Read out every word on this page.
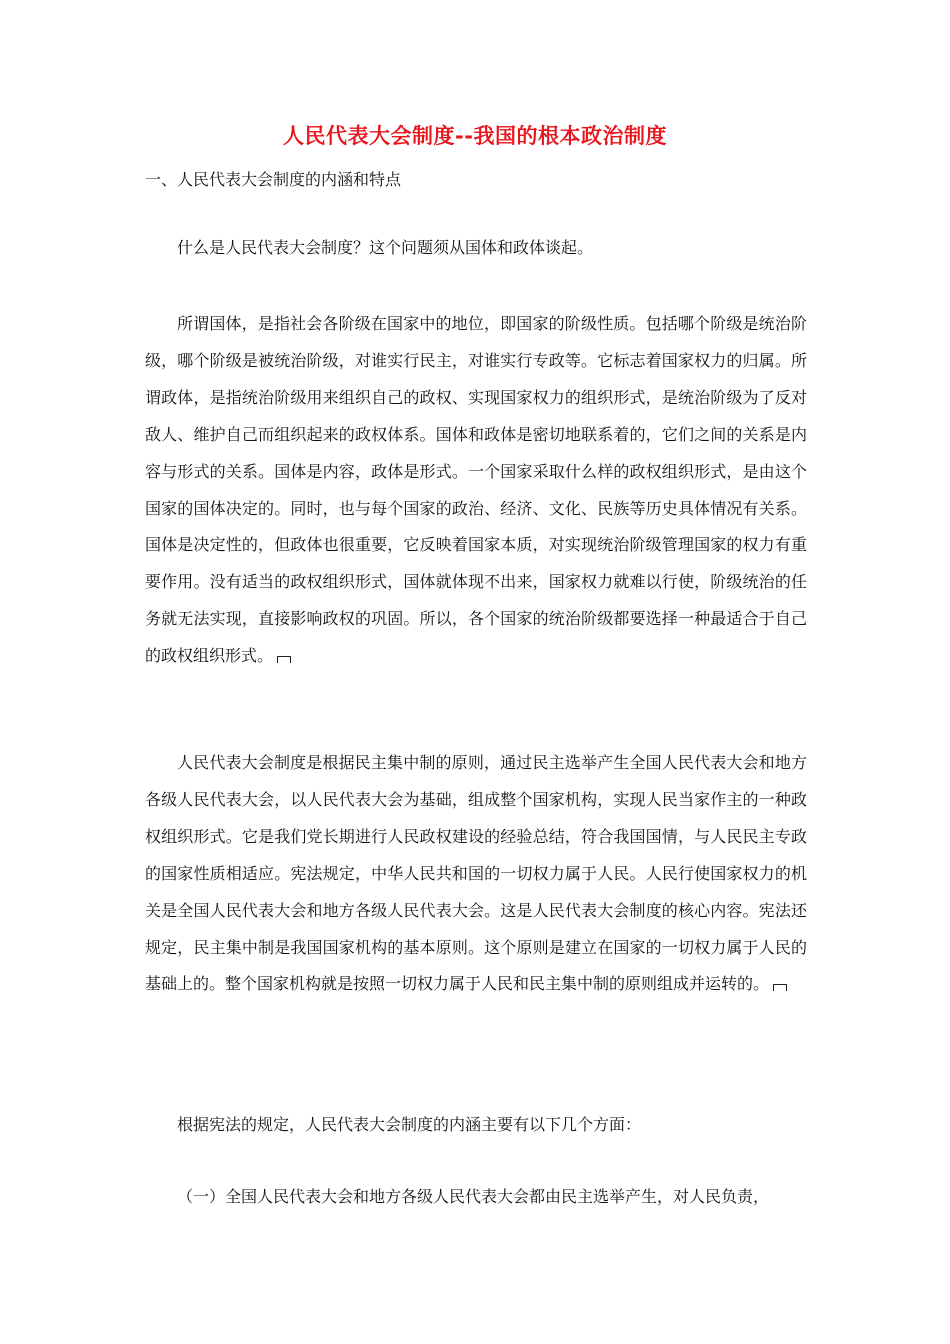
人民代表大会制度--我国的根本政治制度
一、人民代表大会制度的内涵和特点

什么是人民代表大会制度？这个问题须从国体和政体谈起。

所谓国体，是指社会各阶级在国家中的地位，即国家的阶级性质。包括哪个阶级是统治阶级，哪个阶级是被统治阶级，对谁实行民主，对谁实行专政等。它标志着国家权力的归属。所谓政体，是指统治阶级用来组织自己的政权、实现国家权力的组织形式，是统治阶级为了反对敌人、维护自己而组织起来的政权体系。国体和政体是密切地联系着的，它们之间的关系是内容与形式的关系。国体是内容，政体是形式。一个国家采取什么样的政权组织形式，是由这个国家的国体决定的。同时，也与每个国家的政治、经济、文化、民族等历史具体情况有关系。国体是决定性的，但政体也很重要，它反映着国家本质，对实现统治阶级管理国家的权力有重要作用。没有适当的政权组织形式，国体就体现不出来，国家权力就难以行使，阶级统治的任务就无法实现，直接影响政权的巩固。所以，各个国家的统治阶级都要选择一种最适合于自己的政权组织形式。

人民代表大会制度是根据民主集中制的原则，通过民主选举产生全国人民代表大会和地方各级人民代表大会，以人民代表大会为基础，组成整个国家机构，实现人民当家作主的一种政权组织形式。它是我们党长期进行人民政权建设的经验总结，符合我国国情，与人民民主专政的国家性质相适应。宪法规定，中华人民共和国的一切权力属于人民。人民行使国家权力的机关是全国人民代表大会和地方各级人民代表大会。这是人民代表大会制度的核心内容。宪法还规定，民主集中制是我国国家机构的基本原则。这个原则是建立在国家的一切权力属于人民的基础上的。整个国家机构就是按照一切权力属于人民和民主集中制的原则组成并运转的。

根据宪法的规定，人民代表大会制度的内涵主要有以下几个方面：

（一）全国人民代表大会和地方各级人民代表大会都由民主选举产生，对人民负责，
